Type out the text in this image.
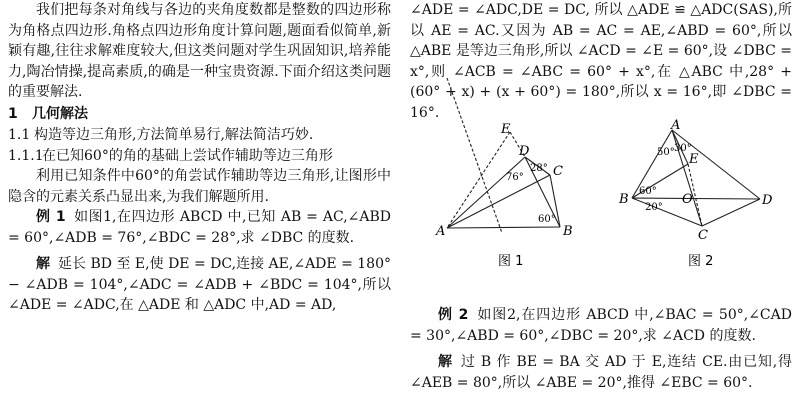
我们把每条对角线与各边的夹角度数都是整数的四边形称为角格点四边形.角格点四边形角度计算问题,题面看似简单,新颖有趣,往往求解难度较大,但这类问题对学生巩固知识,培养能力,陶冶情操,提高素质,的确是一种宝贵资源.下面介绍这类问题的重要解法.

1 几何解法

1.1 构造等边三角形,方法简单易行,解法简洁巧妙.

1.1.1在已知60°的角的基础上尝试作辅助等边三角形

利用已知条件中60°的角尝试作辅助等边三角形,让图形中隐含的元素关系凸显出来,为我们解题所用.

例 1 如图1,在四边形 ABCD 中,已知 AB = AC,∠ABD = 60°,∠ADB = 76°,∠BDC = 28°,求 ∠DBC 的度数.

解 延长 BD 至 E,使 DE = DC,连接 AE,∠ADE = 180° − ∠ADB = 104°,∠ADC = ∠ADB + ∠BDC = 104°,所以 ∠ADE = ∠ADC,在 △ADE 和 △ADC 中,AD = AD,

∠ADE = ∠ADC,DE = DC, 所以 △ADE ≌ △ADC(SAS),所以 AE = AC.又因为 AB = AC = AE,∠ABD = 60°,所以 △ABE 是等边三角形,所以 ∠ACD = ∠E = 60°,设 ∠DBC = x°,则 ∠ACB = ∠ABC = 60° + x°,在 △ABC 中,28° + (60° + x) + (x + 60°) = 180°,所以 x = 16°,即 ∠DBC = 16°.

E
D
C
A	B
76°
28°
60°
图 1
A
E
B	O	D
C
50° 30°
60°
20°
图 2

例 2 如图2,在四边形 ABCD 中,∠BAC = 50°,∠CAD = 30°,∠ABD = 60°,∠DBC = 20°,求 ∠ACD 的度数.

解 过 B 作 BE = BA 交 AD 于 E,连结 CE.由已知,得 ∠AEB = 80°,所以 ∠ABE = 20°,推得 ∠EBC = 60°.
